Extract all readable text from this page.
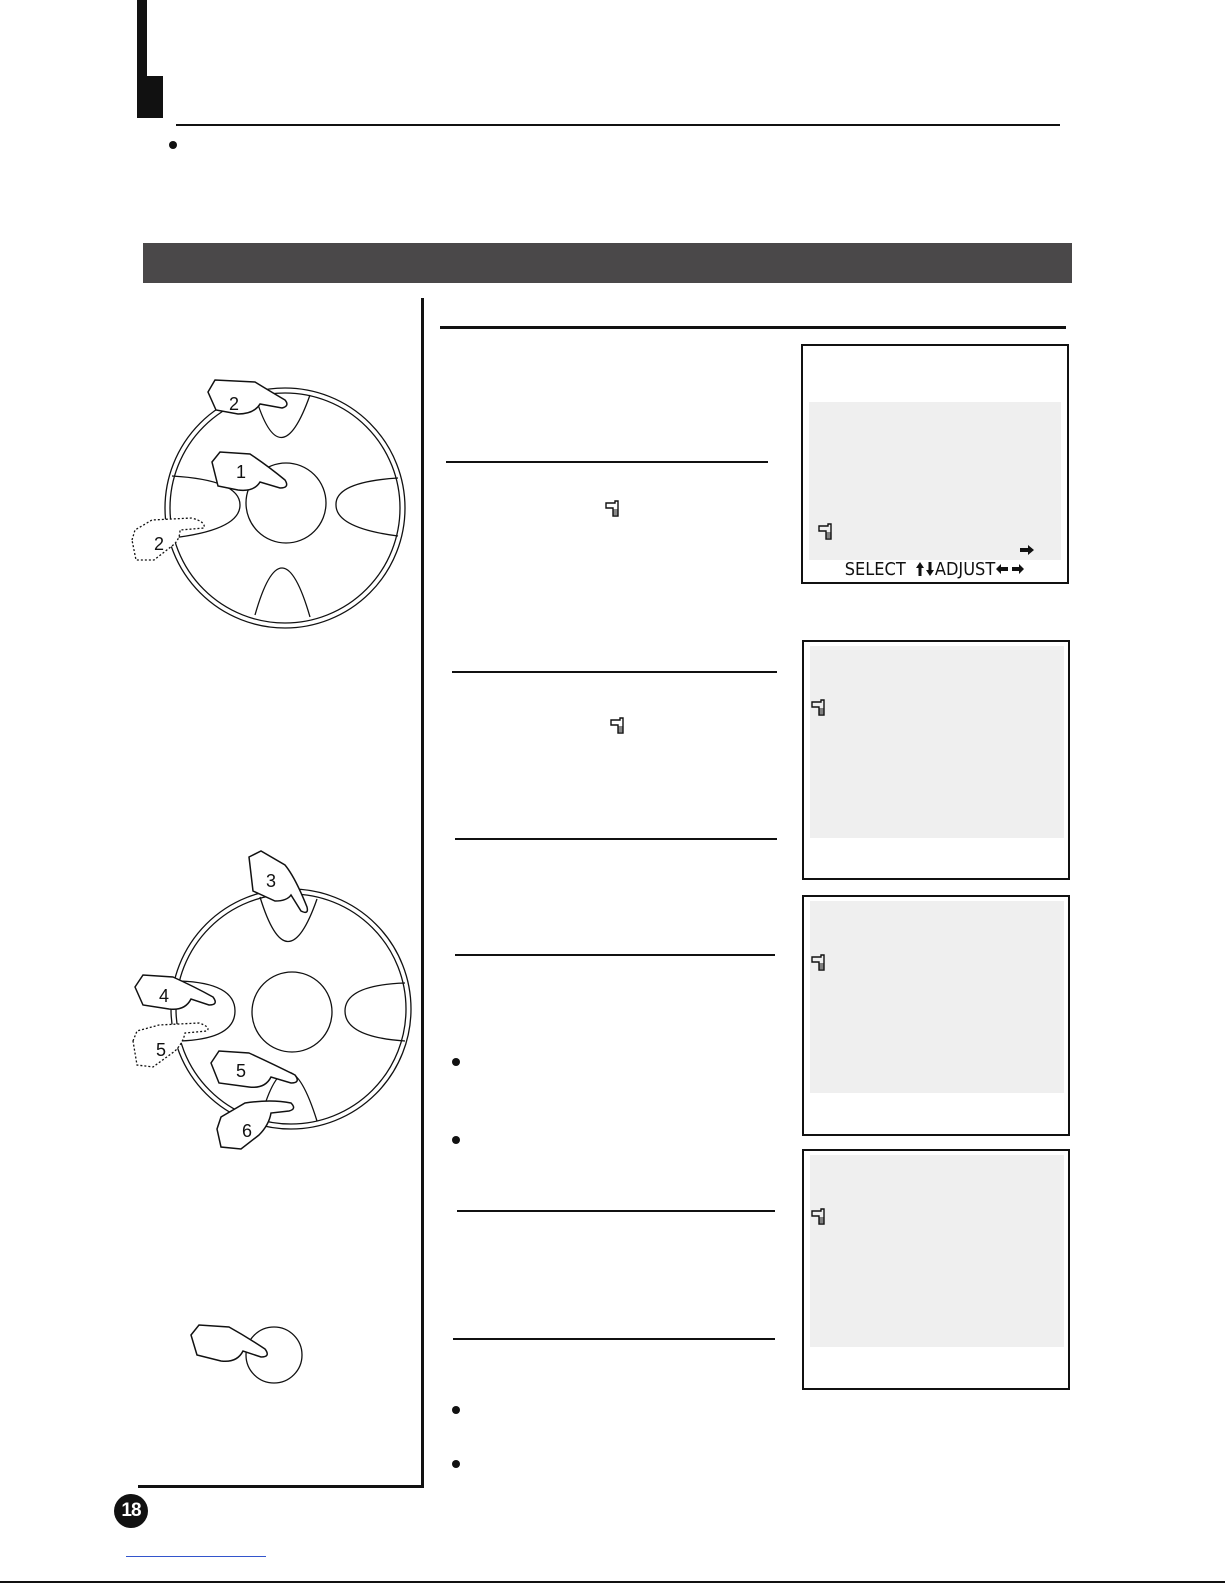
SELECT ADJUST
2
1
2
3
4
5
5
6
18
